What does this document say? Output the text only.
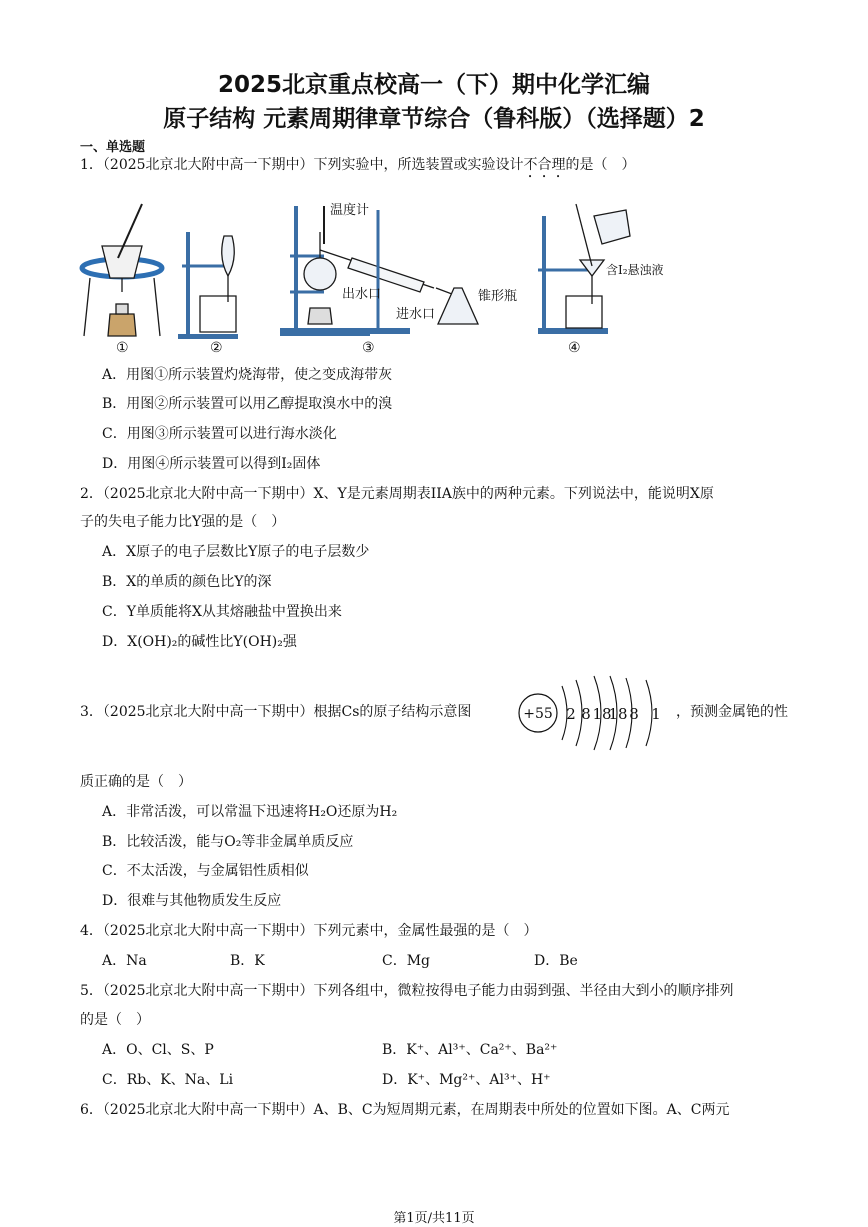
2025北京重点校高一（下）期中化学汇编
原子结构 元素周期律章节综合（鲁科版）（选择题）2
一、单选题
1．（2025北京北大附中高一下期中）下列实验中，所选装置或实验设计不合理的是（　）
①	②
温度计
出水口
进水口
锥形瓶
③
含I₂悬浊液
④
A．用图①所示装置灼烧海带，使之变成海带灰
B．用图②所示装置可以用乙醇提取溴水中的溴
C．用图③所示装置可以进行海水淡化
D．用图④所示装置可以得到I₂固体
2．（2025北京北大附中高一下期中）X、Y是元素周期表IIA族中的两种元素。下列说法中，能说明X原
子的失电子能力比Y强的是（　）
A．X原子的电子层数比Y原子的电子层数少
B．X的单质的颜色比Y的深
C．Y单质能将X从其熔融盐中置换出来
D．X(OH)₂的碱性比Y(OH)₂强
3．（2025北京北大附中高一下期中）根据Cs的原子结构示意图	+55 2 8 18
18 8 1 ，预测金属铯的性
质正确的是（　）
A．非常活泼，可以常温下迅速将H₂O还原为H₂
B．比较活泼，能与O₂等非金属单质反应
C．不太活泼，与金属铝性质相似
D．很难与其他物质发生反应
4．（2025北京北大附中高一下期中）下列元素中，金属性最强的是（　）
A．Na	B．K	C．Mg	D．Be
5．（2025北京北大附中高一下期中）下列各组中，微粒按得电子能力由弱到强、半径由大到小的顺序排列
的是（　）
A．O、Cl、S、P	B．K⁺、Al³⁺、Ca²⁺、Ba²⁺
C．Rb、K、Na、Li	D．K⁺、Mg²⁺、Al³⁺、H⁺
6．（2025北京北大附中高一下期中）A、B、C为短周期元素，在周期表中所处的位置如下图。A、C两元
第1页/共11页
